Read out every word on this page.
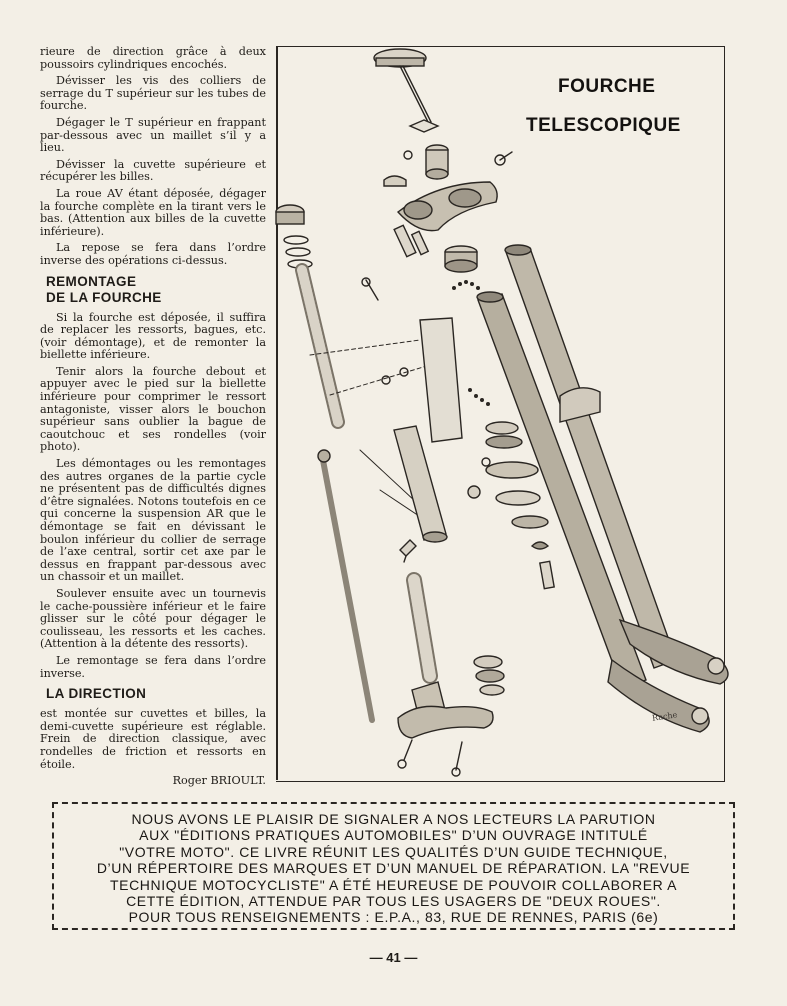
rieure de direction grâce à deux poussoirs cylindriques encochés.

Dévisser les vis des colliers de serrage du T supérieur sur les tubes de fourche.

Dégager le T supérieur en frappant par-dessous avec un maillet s’il y a lieu.

Dévisser la cuvette supérieure et récupérer les billes.

La roue AV étant déposée, dégager la fourche complète en la tirant vers le bas. (Attention aux billes de la cuvette inférieure).

La repose se fera dans l’ordre inverse des opérations ci-dessus.

REMONTAGE
DE LA FOURCHE

Si la fourche est déposée, il suffira de replacer les ressorts, bagues, etc. (voir démontage), et de remonter la biellette inférieure.

Tenir alors la fourche debout et appuyer avec le pied sur la biellette inférieure pour comprimer le ressort antagoniste, visser alors le bouchon supérieur sans oublier la bague de caoutchouc et ses rondelles (voir photo).

Les démontages ou les remontages des autres organes de la partie cycle ne présentent pas de difficultés dignes d’être signalées. Notons toutefois en ce qui concerne la suspension AR que le démontage se fait en dévissant le boulon inférieur du collier de serrage de l’axe central, sortir cet axe par le dessus en frappant par-dessous avec un chassoir et un maillet.

Soulever ensuite avec un tournevis le cache-poussière inférieur et le faire glisser sur le côté pour dégager le coulisseau, les ressorts et les caches. (Attention à la détente des ressorts).

Le remontage se fera dans l’ordre inverse.

LA DIRECTION

est montée sur cuvettes et billes, la demi-cuvette supérieure est réglable. Frein de direction classique, avec rondelles de friction et ressorts en étoile.

Roger BRIOULT.

FOURCHE
TELESCOPIQUE
Rache
NOUS AVONS LE PLAISIR DE SIGNALER A NOS LECTEURS LA PARUTION
AUX "ÉDITIONS PRATIQUES AUTOMOBILES" D’UN OUVRAGE INTITULÉ
"VOTRE MOTO". CE LIVRE RÉUNIT LES QUALITÉS D’UN GUIDE TECHNIQUE,
D’UN RÉPERTOIRE DES MARQUES ET D’UN MANUEL DE RÉPARATION. LA "REVUE
TECHNIQUE MOTOCYCLISTE" A ÉTÉ HEUREUSE DE POUVOIR COLLABORER A
CETTE ÉDITION, ATTENDUE PAR TOUS LES USAGERS DE "DEUX ROUES".
POUR TOUS RENSEIGNEMENTS : E.P.A., 83, RUE DE RENNES, PARIS (6e)
— 41 —
